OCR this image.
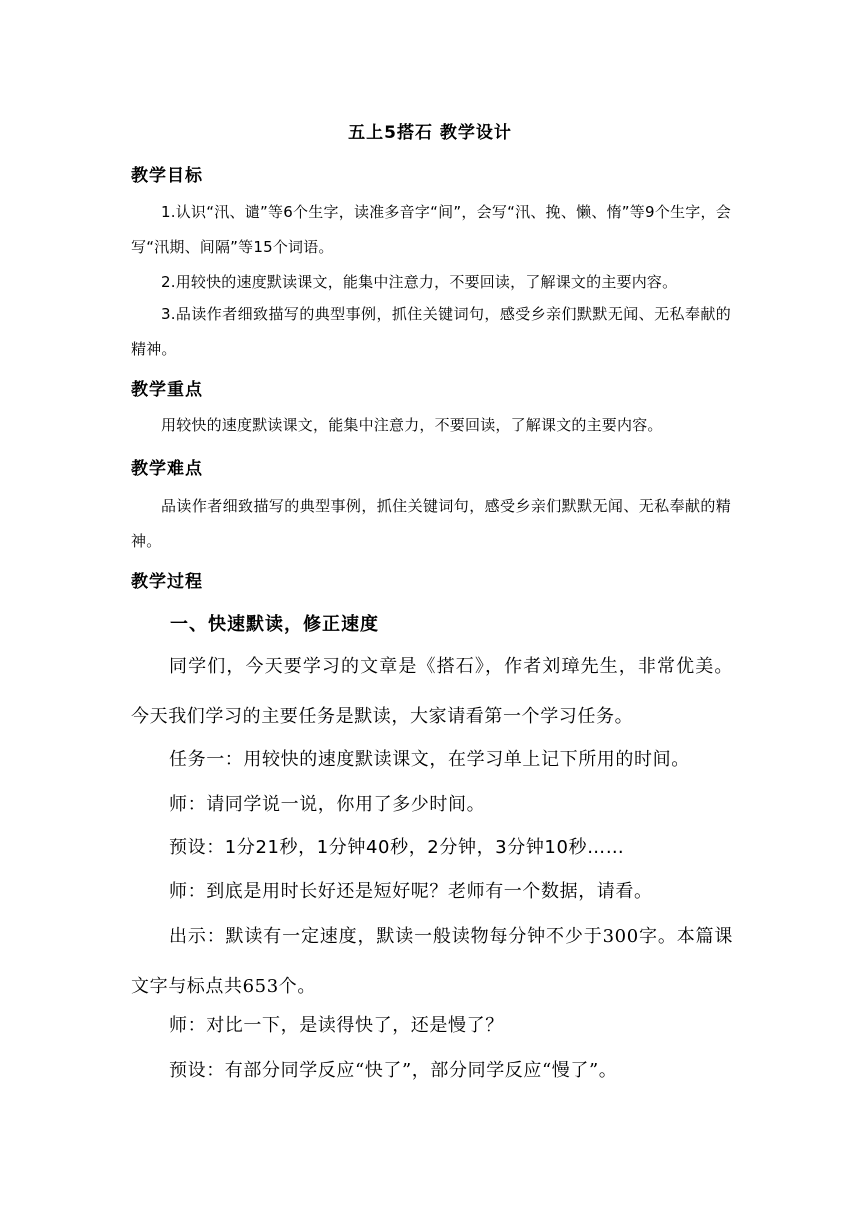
五上5搭石 教学设计
教学目标
1.认识“汛、谴”等6个生字，读准多音字“间”，会写“汛、挽、懒、惰”等9个生字，会写“汛期、间隔”等15个词语。
2.用较快的速度默读课文，能集中注意力，不要回读，了解课文的主要内容。
3.品读作者细致描写的典型事例，抓住关键词句，感受乡亲们默默无闻、无私奉献的精神。
教学重点
用较快的速度默读课文，能集中注意力，不要回读，了解课文的主要内容。
教学难点
品读作者细致描写的典型事例，抓住关键词句，感受乡亲们默默无闻、无私奉献的精神。
教学过程
一、快速默读，修正速度
同学们，今天要学习的文章是《搭石》，作者刘璋先生，非常优美。今天我们学习的主要任务是默读，大家请看第一个学习任务。
任务一：用较快的速度默读课文，在学习单上记下所用的时间。
师：请同学说一说，你用了多少时间。
预设：1分21秒，1分钟40秒，2分钟，3分钟10秒……
师：到底是用时长好还是短好呢？老师有一个数据，请看。
出示：默读有一定速度，默读一般读物每分钟不少于300字。本篇课文字与标点共653个。
师：对比一下，是读得快了，还是慢了？
预设：有部分同学反应“快了”，部分同学反应“慢了”。
